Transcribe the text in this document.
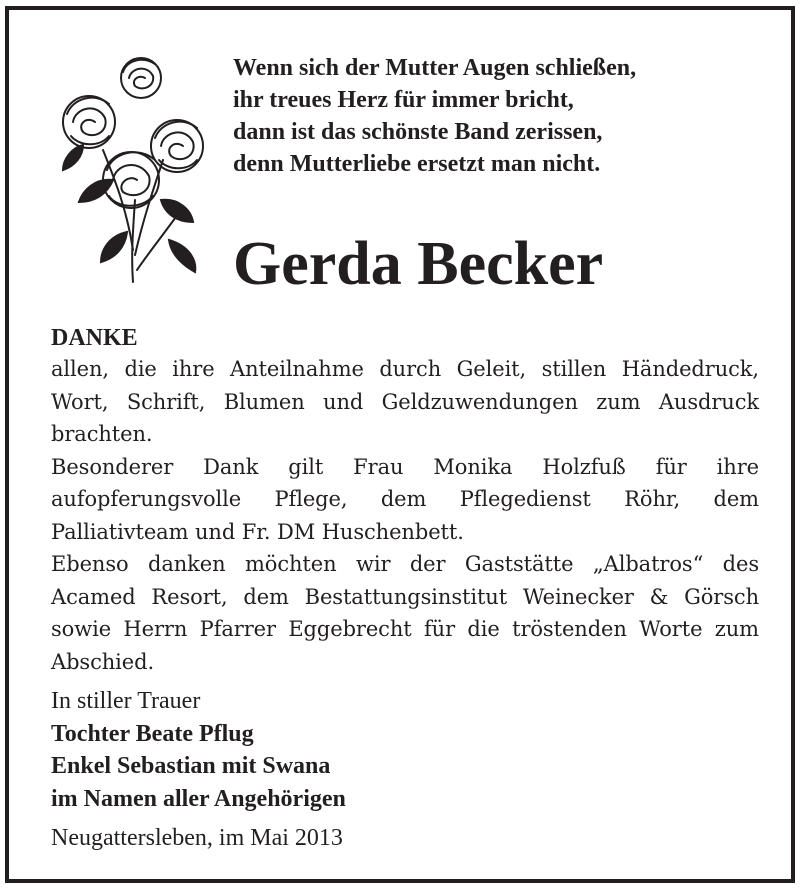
Wenn sich der Mutter Augen schließen,
ihr treues Herz für immer bricht,
dann ist das schönste Band zerissen,
denn Mutterliebe ersetzt man nicht.
Gerda Becker
DANKE

allen, die ihre Anteilnahme durch Geleit, stillen Händedruck, Wort, Schrift, Blumen und Geldzuwendungen zum Ausdruck brachten.

Besonderer Dank gilt Frau Monika Holzfuß für ihre aufopferungsvolle Pflege, dem Pflegedienst Röhr, dem Palliativteam und Fr. DM Huschenbett.

Ebenso danken möchten wir der Gaststätte „Albatros“ des Acamed Resort, dem Bestattungsinstitut Weinecker & Görsch sowie Herrn Pfarrer Eggebrecht für die tröstenden Worte zum Abschied.

In stiller Trauer
Tochter Beate Pflug
Enkel Sebastian mit Swana
im Namen aller Angehörigen
Neugattersleben, im Mai 2013
